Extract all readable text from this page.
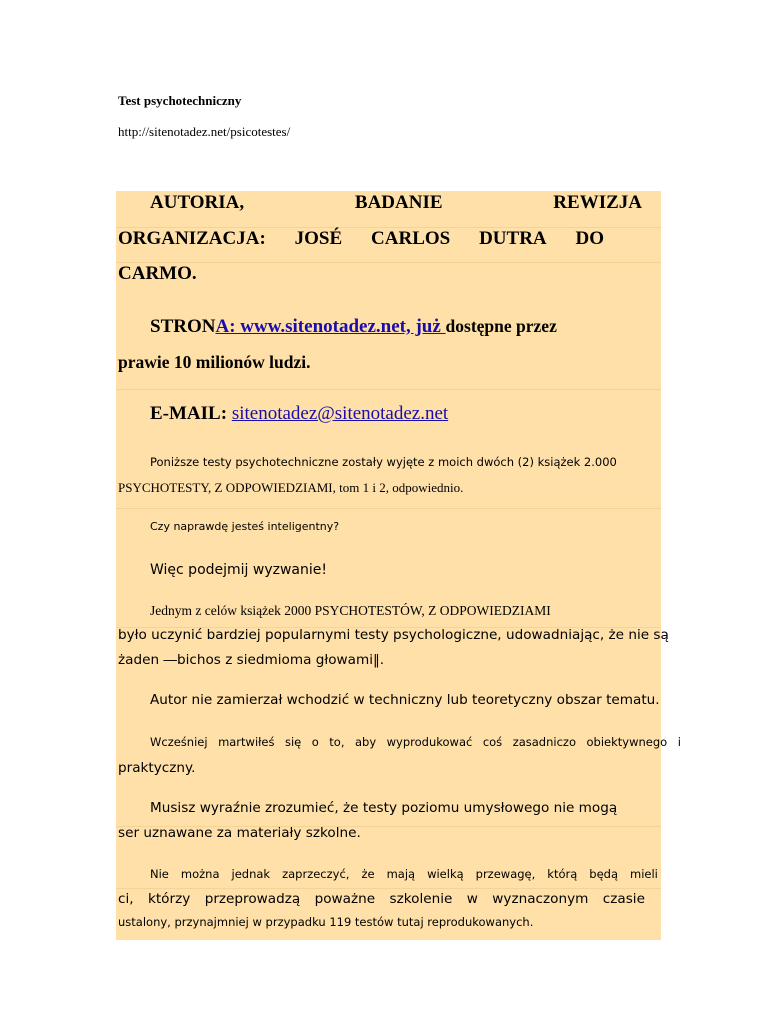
Test psychotechniczny
http://sitenotadez.net/psicotestes/
AUTORIA,	BADANIE	REWIZJA
ORGANIZACJA: JOSÉ CARLOS DUTRA DO
CARMO.
STRONA: www.sitenotadez.net, już dostępne przez
prawie 10 milionów ludzi.
E-MAIL: sitenotadez@sitenotadez.net
Poniższe testy psychotechniczne zostały wyjęte z moich dwóch (2) książek 2.000
PSYCHOTESTY, Z ODPOWIEDZIAMI, tom 1 i 2, odpowiednio.
Czy naprawdę jesteś inteligentny?
Więc podejmij wyzwanie!
Jednym z celów książek 2000 PSYCHOTESTÓW, Z ODPOWIEDZIAMI
było uczynić bardziej popularnymi testy psychologiczne, udowadniając, że nie są
żaden ―bichos z siedmioma głowami‖.
Autor nie zamierzał wchodzić w techniczny lub teoretyczny obszar tematu.
Wcześniej martwiłeś się o to, aby wyprodukować coś zasadniczo obiektywnego i
praktyczny.
Musisz wyraźnie zrozumieć, że testy poziomu umysłowego nie mogą
ser uznawane za materiały szkolne.
Nie można jednak zaprzeczyć, że mają wielką przewagę, którą będą mieli
ci, którzy przeprowadzą poważne szkolenie w wyznaczonym czasie
ustalony, przynajmniej w przypadku 119 testów tutaj reprodukowanych.
